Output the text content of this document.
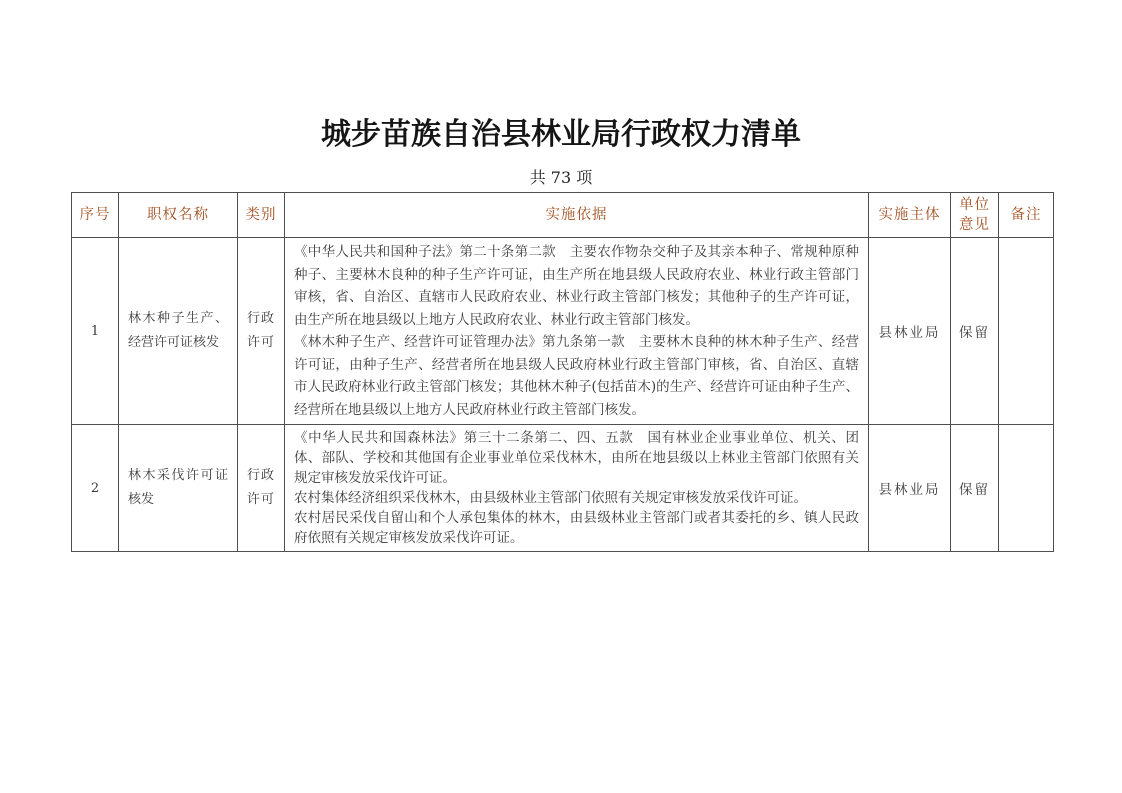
城步苗族自治县林业局行政权力清单
共 73 项
序号	职权名称	类别	实施依据	实施主体	单位意见	备注
1	林木种子生产、经营许可证核发	行政许可	《中华人民共和国种子法》第二十条第二款　主要农作物杂交种子及其亲本种子、常规种原种种子、主要林木良种的种子生产许可证，由生产所在地县级人民政府农业、林业行政主管部门审核，省、自治区、直辖市人民政府农业、林业行政主管部门核发；其他种子的生产许可证，由生产所在地县级以上地方人民政府农业、林业行政主管部门核发。
《林木种子生产、经营许可证管理办法》第九条第一款　主要林木良种的林木种子生产、经营许可证，由种子生产、经营者所在地县级人民政府林业行政主管部门审核，省、自治区、直辖市人民政府林业行政主管部门核发；其他林木种子(包括苗木)的生产、经营许可证由种子生产、经营所在地县级以上地方人民政府林业行政主管部门核发。	县林业局	保留	
2	林木采伐许可证核发	行政许可	《中华人民共和国森林法》第三十二条第二、四、五款　国有林业企业事业单位、机关、团体、部队、学校和其他国有企业事业单位采伐林木，由所在地县级以上林业主管部门依照有关规定审核发放采伐许可证。
农村集体经济组织采伐林木，由县级林业主管部门依照有关规定审核发放采伐许可证。
农村居民采伐自留山和个人承包集体的林木，由县级林业主管部门或者其委托的乡、镇人民政府依照有关规定审核发放采伐许可证。	县林业局	保留	
